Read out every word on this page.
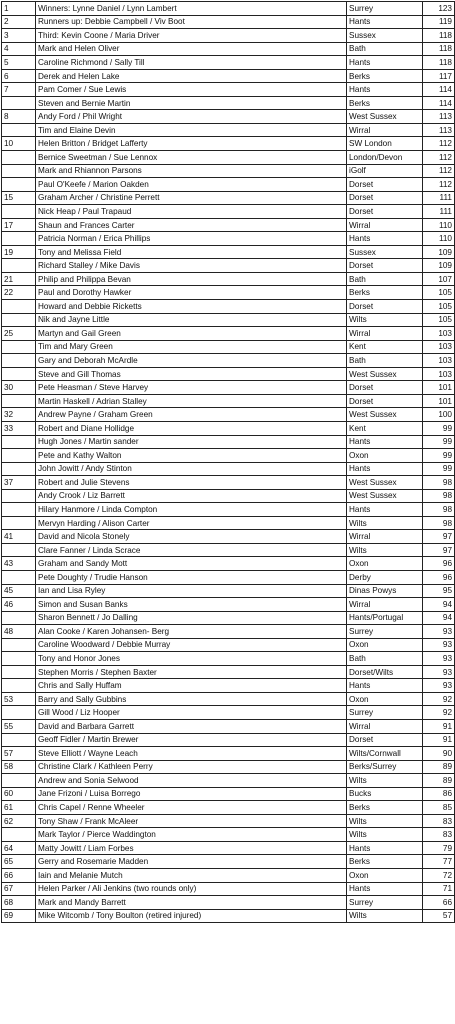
1	Winners: Lynne Daniel / Lynn Lambert	Surrey	123
2	Runners up: Debbie Campbell / Viv Boot	Hants	119
3	Third: Kevin Coone / Maria Driver	Sussex	118
4	Mark and Helen Oliver	Bath	118
5	Caroline Richmond / Sally Till	Hants	118
6	Derek and Helen Lake	Berks	117
7	Pam Comer / Sue Lewis	Hants	114
	Steven and Bernie Martin	Berks	114
8	Andy Ford / Phil Wright	West Sussex	113
	Tim and Elaine Devin	Wirral	113
10	Helen Britton / Bridget Lafferty	SW London	112
	Bernice Sweetman / Sue Lennox	London/Devon	112
	Mark and Rhiannon Parsons	iGolf	112
	Paul O'Keefe / Marion Oakden	Dorset	112
15	Graham Archer / Christine Perrett	Dorset	111
	Nick Heap / Paul Trapaud	Dorset	111
17	Shaun and Frances Carter	Wirral	110
	Patricia Norman / Erica Phillips	Hants	110
19	Tony and Melissa Field	Sussex	109
	Richard Stalley / Mike Davis	Dorset	109
21	Philip and Philippa Bevan	Bath	107
22	Paul and Dorothy Hawker	Berks	105
	Howard and Debbie Ricketts	Dorset	105
	Nik and Jayne Little	Wilts	105
25	Martyn and Gail Green	Wirral	103
	Tim and Mary Green	Kent	103
	Gary and Deborah McArdle	Bath	103
	Steve and Gill Thomas	West Sussex	103
30	Pete Heasman / Steve Harvey	Dorset	101
	Martin Haskell / Adrian Stalley	Dorset	101
32	Andrew Payne / Graham Green	West Sussex	100
33	Robert and Diane Hollidge	Kent	99
	Hugh Jones / Martin sander	Hants	99
	Pete and Kathy Walton	Oxon	99
	John Jowitt / Andy Stinton	Hants	99
37	Robert and Julie Stevens	West Sussex	98
	Andy Crook / Liz Barrett	West Sussex	98
	Hilary Hanmore / Linda Compton	Hants	98
	Mervyn Harding / Alison Carter	Wilts	98
41	David and Nicola Stonely	Wirral	97
	Clare Fanner / Linda Scrace	Wilts	97
43	Graham and Sandy Mott	Oxon	96
	Pete Doughty / Trudie Hanson	Derby	96
45	Ian and Lisa Ryley	Dinas Powys	95
46	Simon and Susan Banks	Wirral	94
	Sharon Bennett / Jo Dalling	Hants/Portugal	94
48	Alan Cooke / Karen Johansen- Berg	Surrey	93
	Caroline Woodward / Debbie Murray	Oxon	93
	Tony and Honor Jones	Bath	93
	Stephen Morris / Stephen Baxter	Dorset/Wilts	93
	Chris and Sally Huffam	Hants	93
53	Barry and Sally Gubbins	Oxon	92
	Gill Wood / Liz Hooper	Surrey	92
55	David and Barbara Garrett	Wirral	91
	Geoff Fidler / Martin Brewer	Dorset	91
57	Steve Elliott / Wayne Leach	Wilts/Cornwall	90
58	Christine Clark / Kathleen Perry	Berks/Surrey	89
	Andrew and Sonia Selwood	Wilts	89
60	Jane Frizoni / Luisa Borrego	Bucks	86
61	Chris Capel / Renne Wheeler	Berks	85
62	Tony Shaw / Frank McAleer	Wilts	83
	Mark Taylor / Pierce Waddington	Wilts	83
64	Matty Jowitt / Liam Forbes	Hants	79
65	Gerry and Rosemarie Madden	Berks	77
66	Iain and Melanie Mutch	Oxon	72
67	Helen Parker / Ali Jenkins (two rounds only)	Hants	71
68	Mark and Mandy Barrett	Surrey	66
69	Mike Witcomb / Tony Boulton (retired injured)	Wilts	57
